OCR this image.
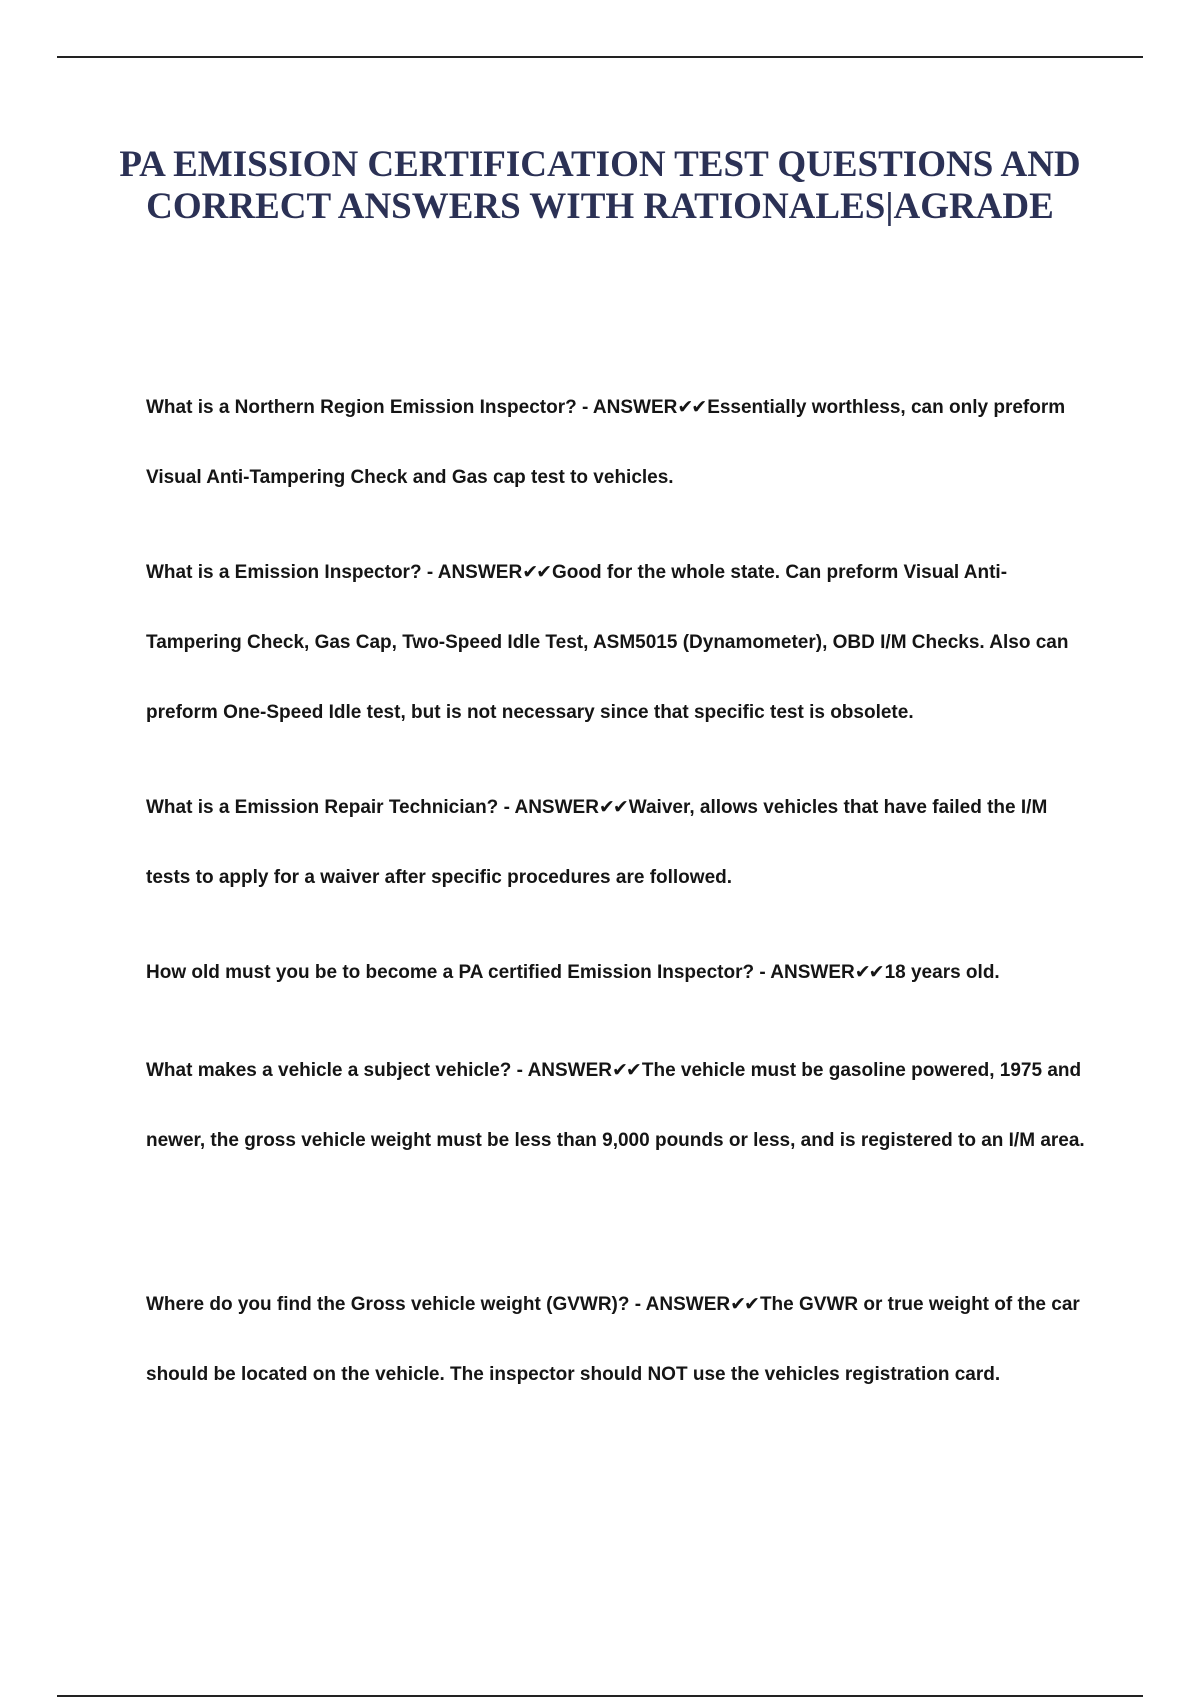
PA EMISSION CERTIFICATION TEST QUESTIONS AND CORRECT ANSWERS WITH RATIONALES|AGRADE

What is a Northern Region Emission Inspector? - ANSWER✔✔ Essentially worthless, can only preform Visual Anti-Tampering Check and Gas cap test to vehicles.

What is a Emission Inspector? - ANSWER✔✔ Good for the whole state. Can preform Visual Anti-Tampering Check, Gas Cap, Two-Speed Idle Test, ASM5015 (Dynamometer), OBD I/M Checks. Also can preform One-Speed Idle test, but is not necessary since that specific test is obsolete.

What is a Emission Repair Technician? - ANSWER✔✔ Waiver, allows vehicles that have failed the I/M tests to apply for a waiver after specific procedures are followed.

How old must you be to become a PA certified Emission Inspector? - ANSWER✔✔ 18 years old.

What makes a vehicle a subject vehicle? - ANSWER✔✔ The vehicle must be gasoline powered, 1975 and newer, the gross vehicle weight must be less than 9,000 pounds or less, and is registered to an I/M area.

Where do you find the Gross vehicle weight (GVWR)? - ANSWER✔✔ The GVWR or true weight of the car should be located on the vehicle. The inspector should NOT use the vehicles registration card.
